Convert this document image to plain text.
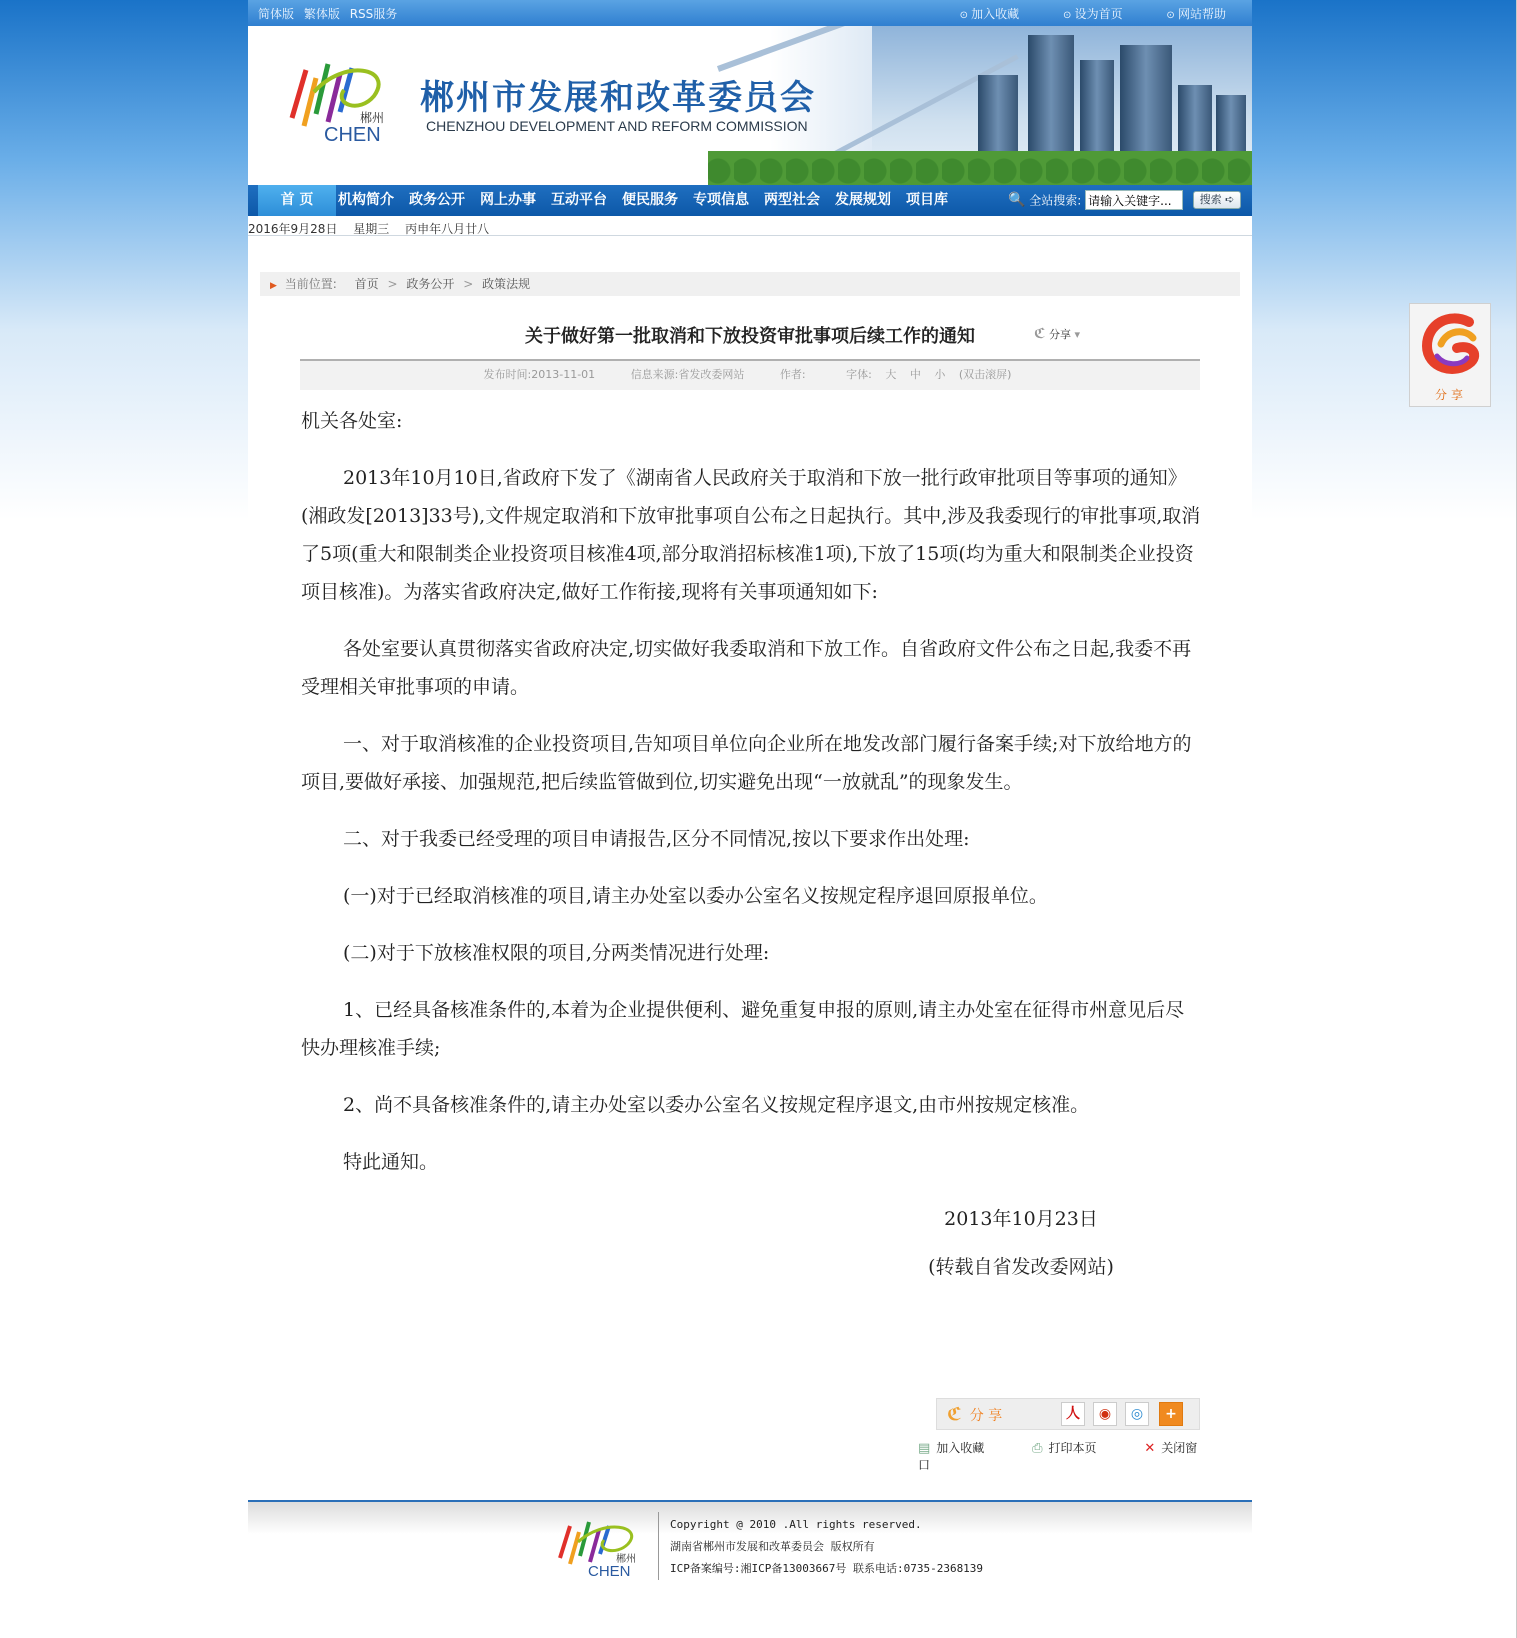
简体版 繁体版 RSS服务	⊙ 加入收藏	⊙ 设为首页	⊙ 网站帮助
郴州
CHEN
郴州市发展和改革委员会
CHENZHOU DEVELOPMENT AND REFORM COMMISSION
首 页	机构简介 政务公开 网上办事 互动平台 便民服务 专项信息 两型社会 发展规划 项目库	🔍 全站搜索: 请输入关键字...	搜索 ➪
2016年9月28日 星期三 丙申年八月廿八
▶ 当前位置: 首页 > 政务公开 > 政策法规
关于做好第一批取消和下放投资审批事项后续工作的通知	ℭ 分享 ▾
发布时间:2013-11-01	信息来源:省发改委网站	作者:	字体: 大 中 小 (双击滚屏)

机关各处室:

2013年10月10日,省政府下发了《湖南省人民政府关于取消和下放一批行政审批项目等事项的通知》(湘政发[2013]33号),文件规定取消和下放审批事项自公布之日起执行。其中,涉及我委现行的审批事项,取消了5项(重大和限制类企业投资项目核准4项,部分取消招标核准1项),下放了15项(均为重大和限制类企业投资项目核准)。为落实省政府决定,做好工作衔接,现将有关事项通知如下:

各处室要认真贯彻落实省政府决定,切实做好我委取消和下放工作。自省政府文件公布之日起,我委不再受理相关审批事项的申请。

一、对于取消核准的企业投资项目,告知项目单位向企业所在地发改部门履行备案手续;对下放给地方的项目,要做好承接、加强规范,把后续监管做到位,切实避免出现“一放就乱”的现象发生。

二、对于我委已经受理的项目申请报告,区分不同情况,按以下要求作出处理:

(一)对于已经取消核准的项目,请主办处室以委办公室名义按规定程序退回原报单位。

(二)对于下放核准权限的项目,分两类情况进行处理:

1、已经具备核准条件的,本着为企业提供便利、避免重复申报的原则,请主办处室在征得市州意见后尽快办理核准手续;

2、尚不具备核准条件的,请主办处室以委办公室名义按规定程序退文,由市州按规定核准。

特此通知。

2013年10月23日

(转载自省发改委网站)

ℭ 分 享	人	◉	◎	+
▤ 加入收藏	⎙ 打印本页	✕ 关闭窗口
郴州
CHEN
Copyright @ 2010 .All rights reserved.
湖南省郴州市发展和改革委员会 版权所有
ICP备案编号:湘ICP备13003667号 联系电话:0735-2368139
分享
